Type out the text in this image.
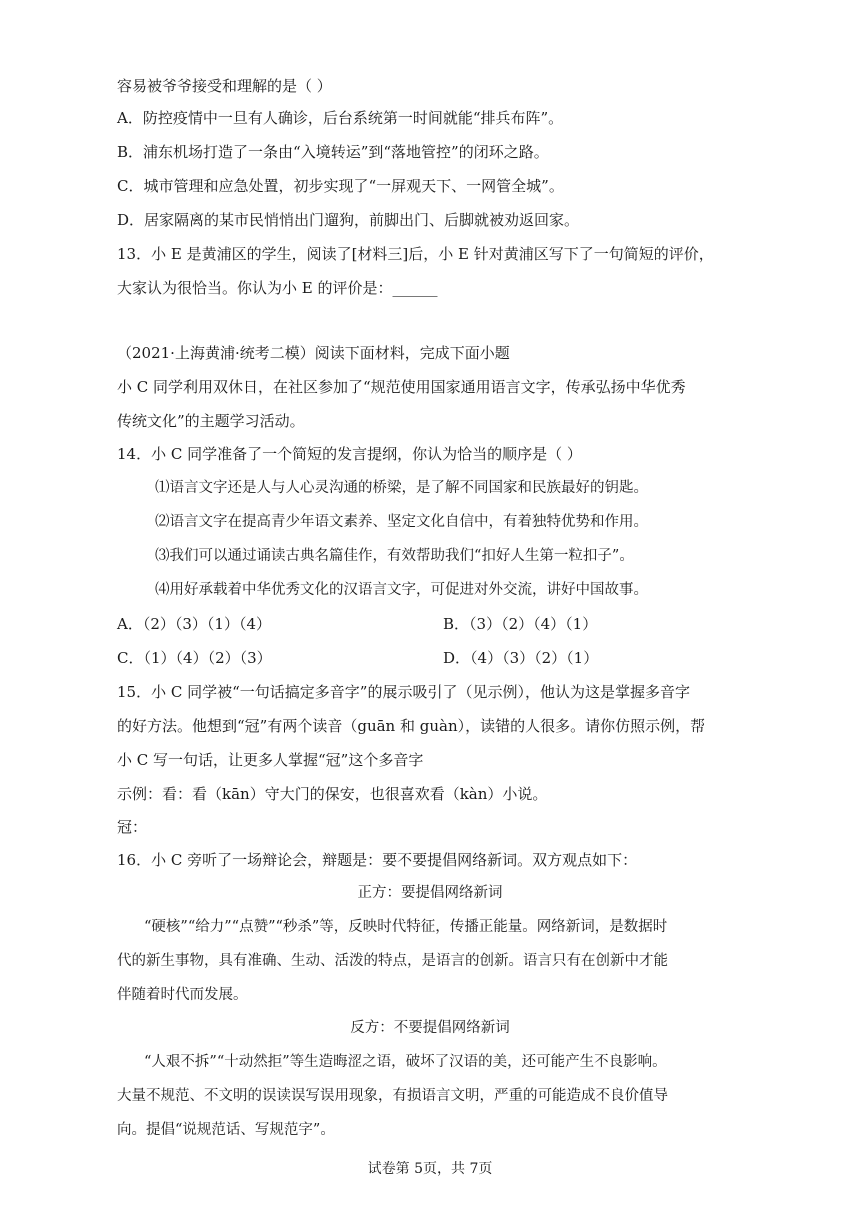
容易被爷爷接受和理解的是（ ）
A．防控疫情中一旦有人确诊，后台系统第一时间就能“排兵布阵”。
B．浦东机场打造了一条由“入境转运”到“落地管控”的闭环之路。
C．城市管理和应急处置，初步实现了“一屏观天下、一网管全城”。
D．居家隔离的某市民悄悄出门遛狗，前脚出门、后脚就被劝返回家。
13．小 E 是黄浦区的学生，阅读了[材料三]后，小 E 针对黄浦区写下了一句简短的评价，
大家认为很恰当。你认为小 E 的评价是：______
（2021·上海黄浦·统考二模）阅读下面材料，完成下面小题
小 C 同学利用双休日，在社区参加了“规范使用国家通用语言文字，传承弘扬中华优秀
传统文化”的主题学习活动。
14．小 C 同学准备了一个简短的发言提纲，你认为恰当的顺序是（ ）
⑴语言文字还是人与人心灵沟通的桥梁，是了解不同国家和民族最好的钥匙。
⑵语言文字在提高青少年语文素养、坚定文化自信中，有着独特优势和作用。
⑶我们可以通过诵读古典名篇佳作，有效帮助我们“扣好人生第一粒扣子”。
⑷用好承载着中华优秀文化的汉语言文字，可促进对外交流，讲好中国故事。
A．（2）（3）（1）（4）	B．（3）（2）（4）（1）
C．（1）（4）（2）（3）	D．（4）（3）（2）（1）
15．小 C 同学被“一句话搞定多音字”的展示吸引了（见示例），他认为这是掌握多音字
的好方法。他想到“冠”有两个读音（guān 和 guàn），读错的人很多。请你仿照示例，帮
小 C 写一句话，让更多人掌握“冠”这个多音字
示例：看：看（kān）守大门的保安，也很喜欢看（kàn）小说。
冠：
16．小 C 旁听了一场辩论会，辩题是：要不要提倡网络新词。双方观点如下：
正方：要提倡网络新词
“硬核”“给力”“点赞”“秒杀”等，反映时代特征，传播正能量。网络新词，是数据时
代的新生事物，具有准确、生动、活泼的特点，是语言的创新。语言只有在创新中才能
伴随着时代而发展。
反方：不要提倡网络新词
“人艰不拆”“十动然拒”等生造晦涩之语，破坏了汉语的美，还可能产生不良影响。
大量不规范、不文明的误读误写误用现象，有损语言文明，严重的可能造成不良价值导
向。提倡“说规范话、写规范字”。
试卷第 5页，共 7页
